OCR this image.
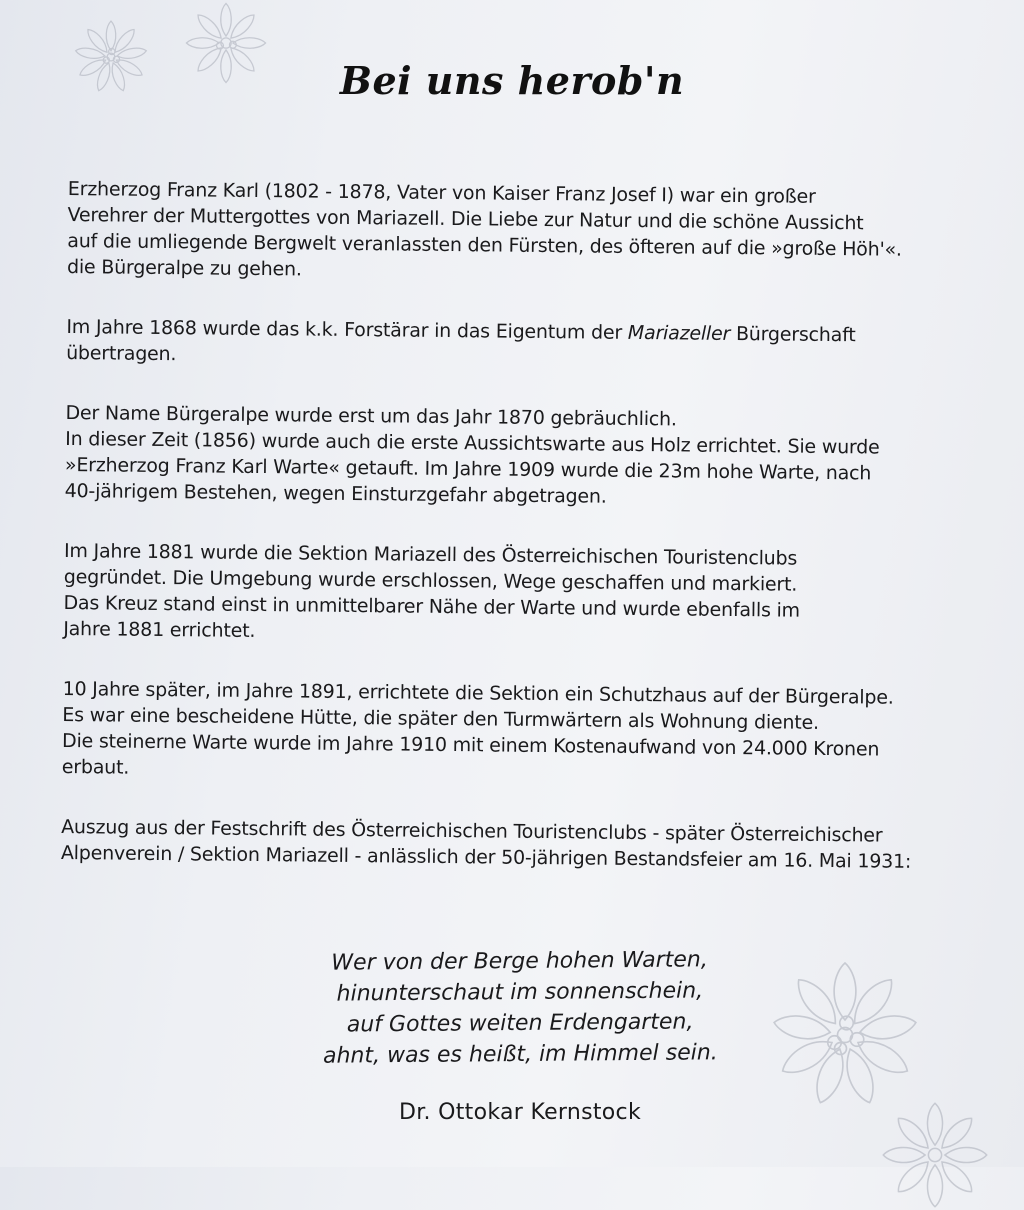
Bei uns herob'n

Erzherzog Franz Karl (1802 - 1878, Vater von Kaiser Franz Josef I) war ein großer
Verehrer der Muttergottes von Mariazell. Die Liebe zur Natur und die schöne Aussicht
auf die umliegende Bergwelt veranlassten den Fürsten, des öfteren auf die »große Höh'«.
die Bürgeralpe zu gehen.

Im Jahre 1868 wurde das k.k. Forstärar in das Eigentum der Mariazeller Bürgerschaft
übertragen.

Der Name Bürgeralpe wurde erst um das Jahr 1870 gebräuchlich.
In dieser Zeit (1856) wurde auch die erste Aussichtswarte aus Holz errichtet. Sie wurde
»Erzherzog Franz Karl Warte« getauft. Im Jahre 1909 wurde die 23m hohe Warte, nach
40-jährigem Bestehen, wegen Einsturzgefahr abgetragen.

Im Jahre 1881 wurde die Sektion Mariazell des Österreichischen Touristenclubs
gegründet. Die Umgebung wurde erschlossen, Wege geschaffen und markiert.
Das Kreuz stand einst in unmittelbarer Nähe der Warte und wurde ebenfalls im
Jahre 1881 errichtet.

10 Jahre später, im Jahre 1891, errichtete die Sektion ein Schutzhaus auf der Bürgeralpe.
Es war eine bescheidene Hütte, die später den Turmwärtern als Wohnung diente.
Die steinerne Warte wurde im Jahre 1910 mit einem Kostenaufwand von 24.000 Kronen
erbaut.

Auszug aus der Festschrift des Österreichischen Touristenclubs - später Österreichischer
Alpenverein / Sektion Mariazell - anlässlich der 50-jährigen Bestandsfeier am 16. Mai 1931:

Wer von der Berge hohen Warten,
hinunterschaut im sonnenschein,
auf Gottes weiten Erdengarten,
ahnt, was es heißt, im Himmel sein.
Dr. Ottokar Kernstock
